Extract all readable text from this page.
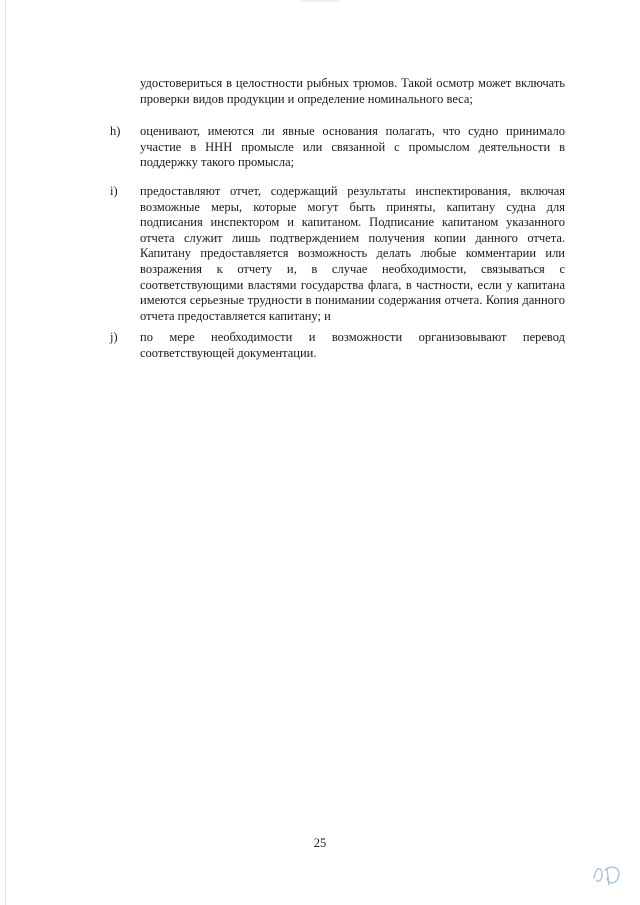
удостовериться в целостности рыбных трюмов. Такой осмотр может включать проверки видов продукции и определение номинального веса;
h) оценивают, имеются ли явные основания полагать, что судно принимало участие в ННН промысле или связанной с промыслом деятельности в поддержку такого промысла;
i) предоставляют отчет, содержащий результаты инспектирования, включая возможные меры, которые могут быть приняты, капитану судна для подписания инспектором и капитаном. Подписание капитаном указанного отчета служит лишь подтверждением получения копии данного отчета. Капитану предоставляется возможность делать любые комментарии или возражения к отчету и, в случае необходимости, связываться с соответствующими властями государства флага, в частности, если у капитана имеются серьезные трудности в понимании содержания отчета. Копия данного отчета предоставляется капитану; и
j) по мере необходимости и возможности организовывают перевод соответствующей документации.
25
